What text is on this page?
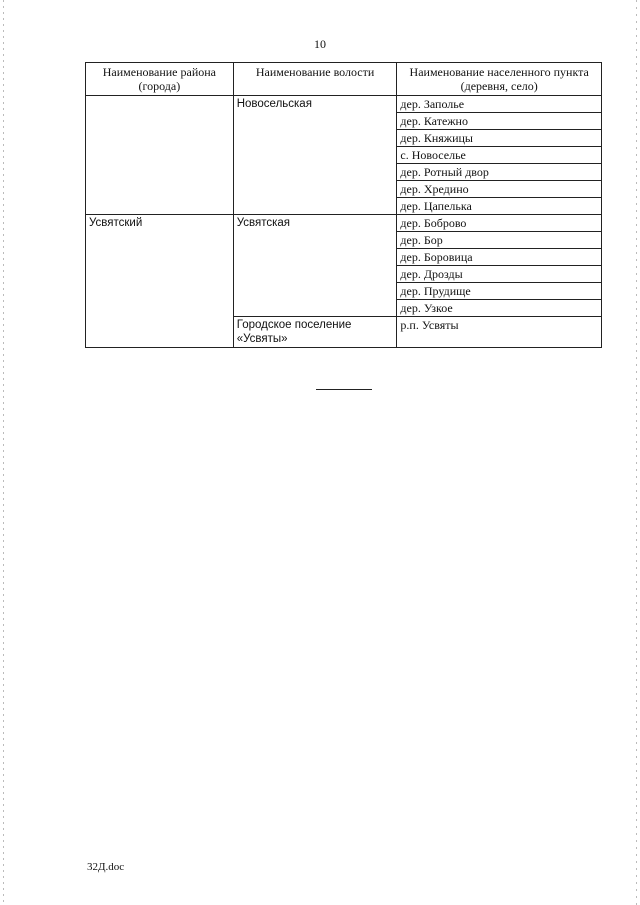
10
Наименование района (города)	Наименование волости	Наименование населенного пункта (деревня, село)
	Новосельская	дер. Заполье
		дер. Катежно
		дер. Княжицы
		с. Новоселье
		дер. Ротный двор
		дер. Хредино
		дер. Цапелька
Усвятский	Усвятская	дер. Боброво
		дер. Бор
		дер. Боровица
		дер. Дрозды
		дер. Прудище
		дер. Узкое
	Городское поселение «Усвяты»	р.п. Усвяты
32Д.doc
